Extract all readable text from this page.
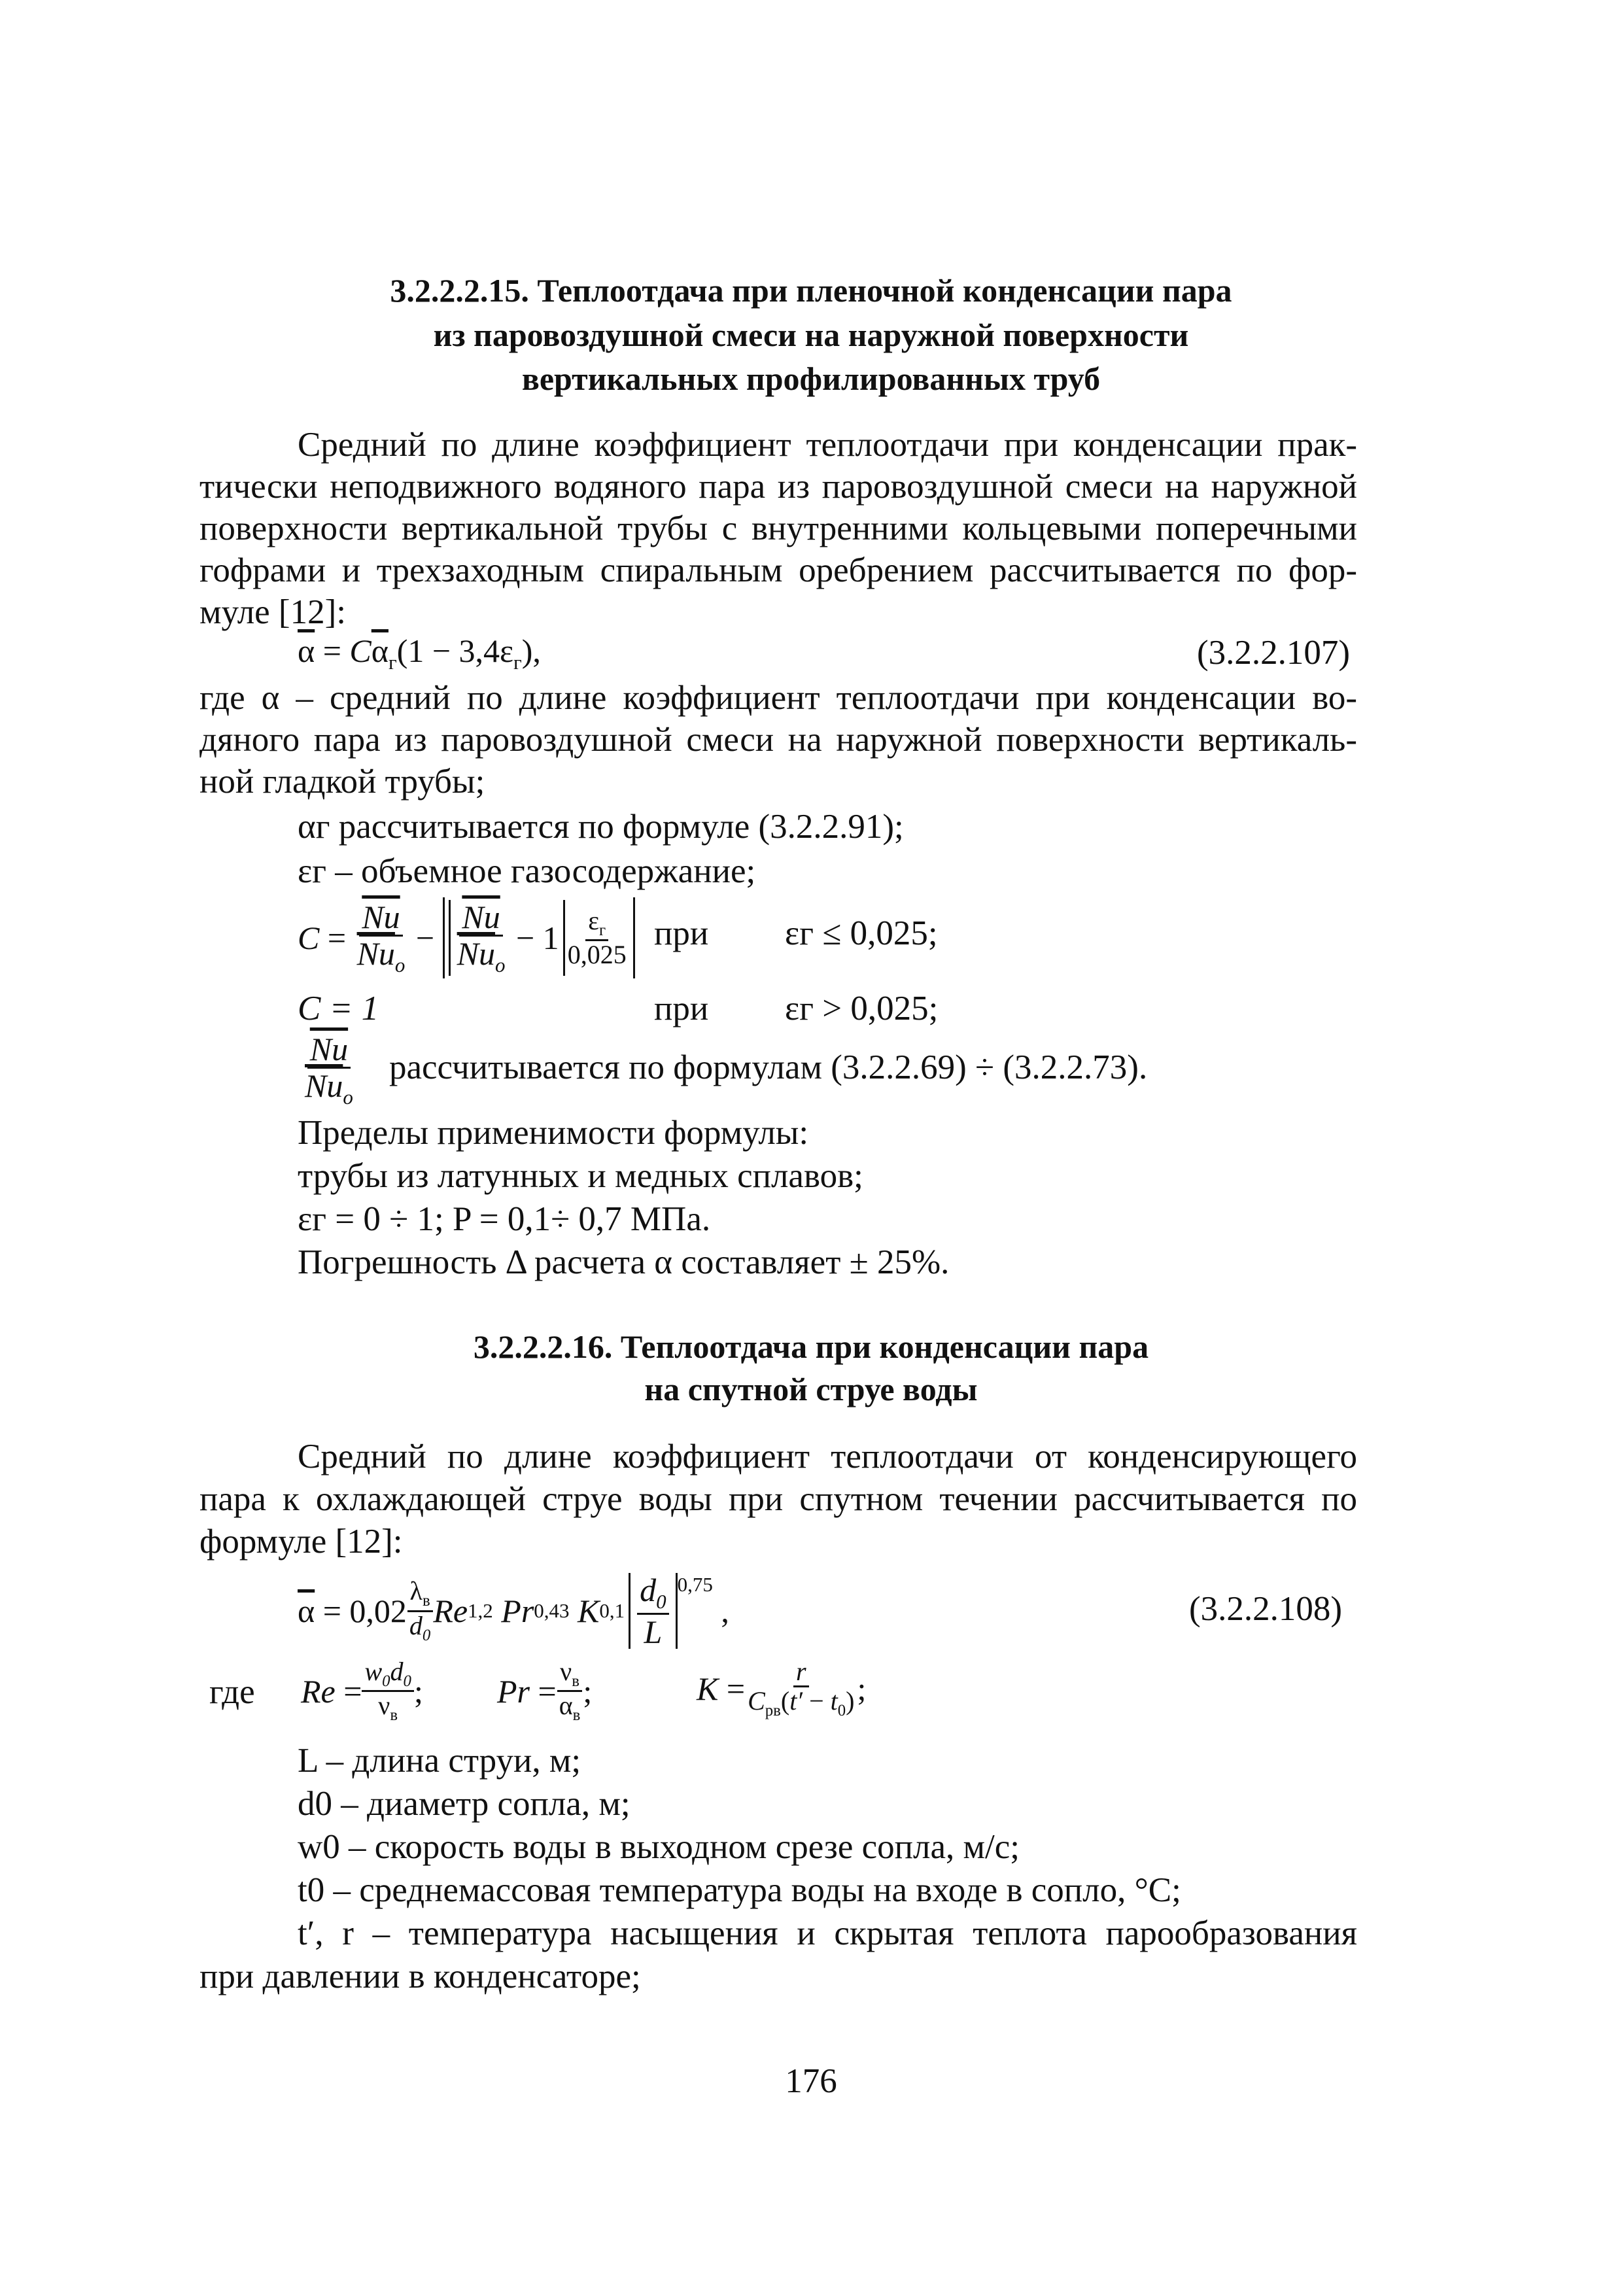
3.2.2.2.15. Теплоотдача при пленочной конденсации пара
из паровоздушной смеси на наружной поверхности
вертикальных профилированных труб
Средний по длине коэффициент теплоотдачи при конденсации прак-
тически неподвижного водяного пара из паровоздушной смеси на наружной
поверхности вертикальной трубы с внутренними кольцевыми поперечными
гофрами и трехзаходным спиральным оребрением рассчитывается по фор-
муле [12]:
$\overline{\alpha} = C\overline{\alpha}_г(1 - 3,4\varepsilon_г)$,	(3.2.2.107)
где α – средний по длине коэффициент теплоотдачи при конденсации во-
дяного пара из паровоздушной смеси на наружной поверхности вертикаль-
ной гладкой трубы;
αг рассчитывается по формуле (3.2.2.91);
εг – объемное газосодержание;
$C = \frac{\overline{Nu}}{\overline{Nu}_o} - \frac{\overline{Nu}}{\overline{Nu}_o} - 1 \frac{\varepsilon_г}{0,025}$ при εг ≤ 0,025;
C = 1	при εг > 0,025;
$\frac{\overline{Nu}}{\overline{Nu}_o}$ рассчитывается по формулам (3.2.2.69) ÷ (3.2.2.73).
Пределы применимости формулы:
трубы из латунных и медных сплавов;
εг = 0 ÷ 1; P = 0,1÷ 0,7 МПа.
Погрешность Δ расчета α составляет ± 25%.
3.2.2.2.16. Теплоотдача при конденсации пара
на спутной струе воды
Средний по длине коэффициент теплоотдачи от конденсирующего
пара к охлаждающей струе воды при спутном течении рассчитывается по
формуле [12]:
$\overline{\alpha} = 0,02 \frac{\lambda_в}{d_0}$ Re 1,2
Pr 0,43
K $0,1 \frac{d_0}{L} ^{0,75}$
,	(3.2.2.108)
где $Re = \frac{w_0d_0}{\nu_в}$ ; $Pr = \frac{\nu_в}{\alpha_в}$ ;	$K = \frac{r}{C_{pв}(t' - t_0)}$ ;
L – длина струи, м;
d0 – диаметр сопла, м;
w0 – скорость воды в выходном срезе сопла, м/с;
t0 – среднемассовая температура воды на входе в сопло, °С;
t′, r – температура насыщения и скрытая теплота парообразования
при давлении в конденсаторе;
176
